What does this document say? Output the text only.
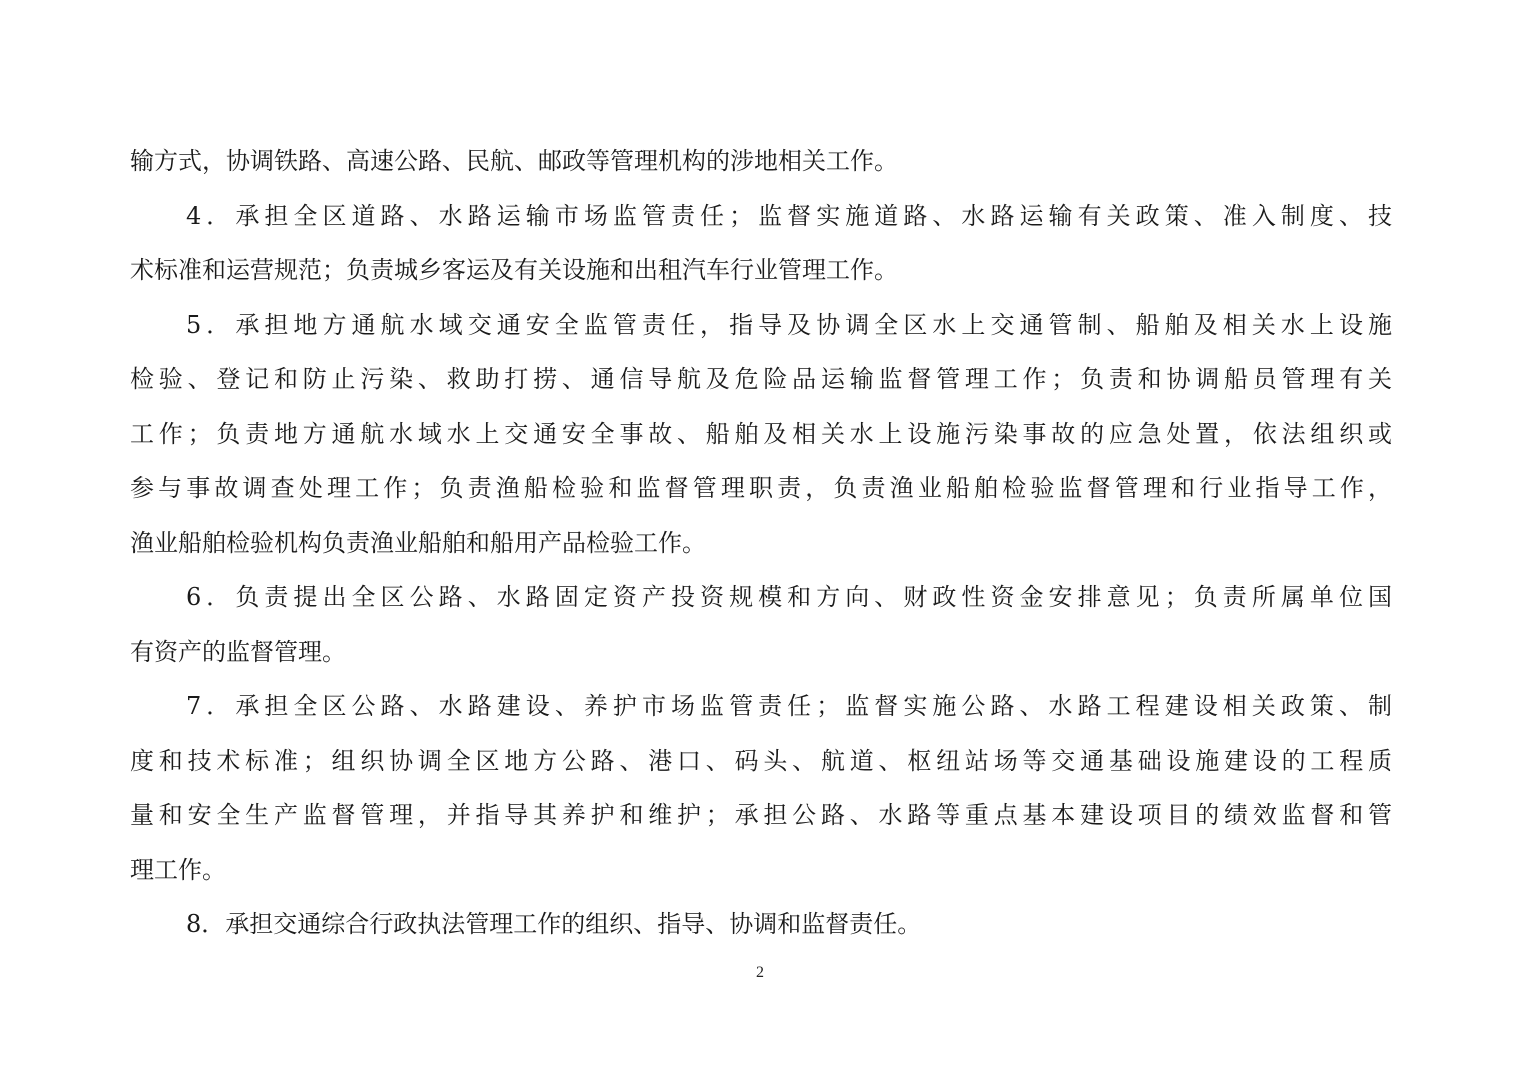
输方式，协调铁路、高速公路、民航、邮政等管理机构的涉地相关工作。
4．承担全区道路、水路运输市场监管责任；监督实施道路、水路运输有关政策、准入制度、技
术标准和运营规范；负责城乡客运及有关设施和出租汽车行业管理工作。
5．承担地方通航水域交通安全监管责任，指导及协调全区水上交通管制、船舶及相关水上设施
检验、登记和防止污染、救助打捞、通信导航及危险品运输监督管理工作；负责和协调船员管理有关
工作；负责地方通航水域水上交通安全事故、船舶及相关水上设施污染事故的应急处置，依法组织或
参与事故调查处理工作；负责渔船检验和监督管理职责，负责渔业船舶检验监督管理和行业指导工作，
渔业船舶检验机构负责渔业船舶和船用产品检验工作。
6．负责提出全区公路、水路固定资产投资规模和方向、财政性资金安排意见；负责所属单位国
有资产的监督管理。
7．承担全区公路、水路建设、养护市场监管责任；监督实施公路、水路工程建设相关政策、制
度和技术标准；组织协调全区地方公路、港口、码头、航道、枢纽站场等交通基础设施建设的工程质
量和安全生产监督管理，并指导其养护和维护；承担公路、水路等重点基本建设项目的绩效监督和管
理工作。
8．承担交通综合行政执法管理工作的组织、指导、协调和监督责任。
2
